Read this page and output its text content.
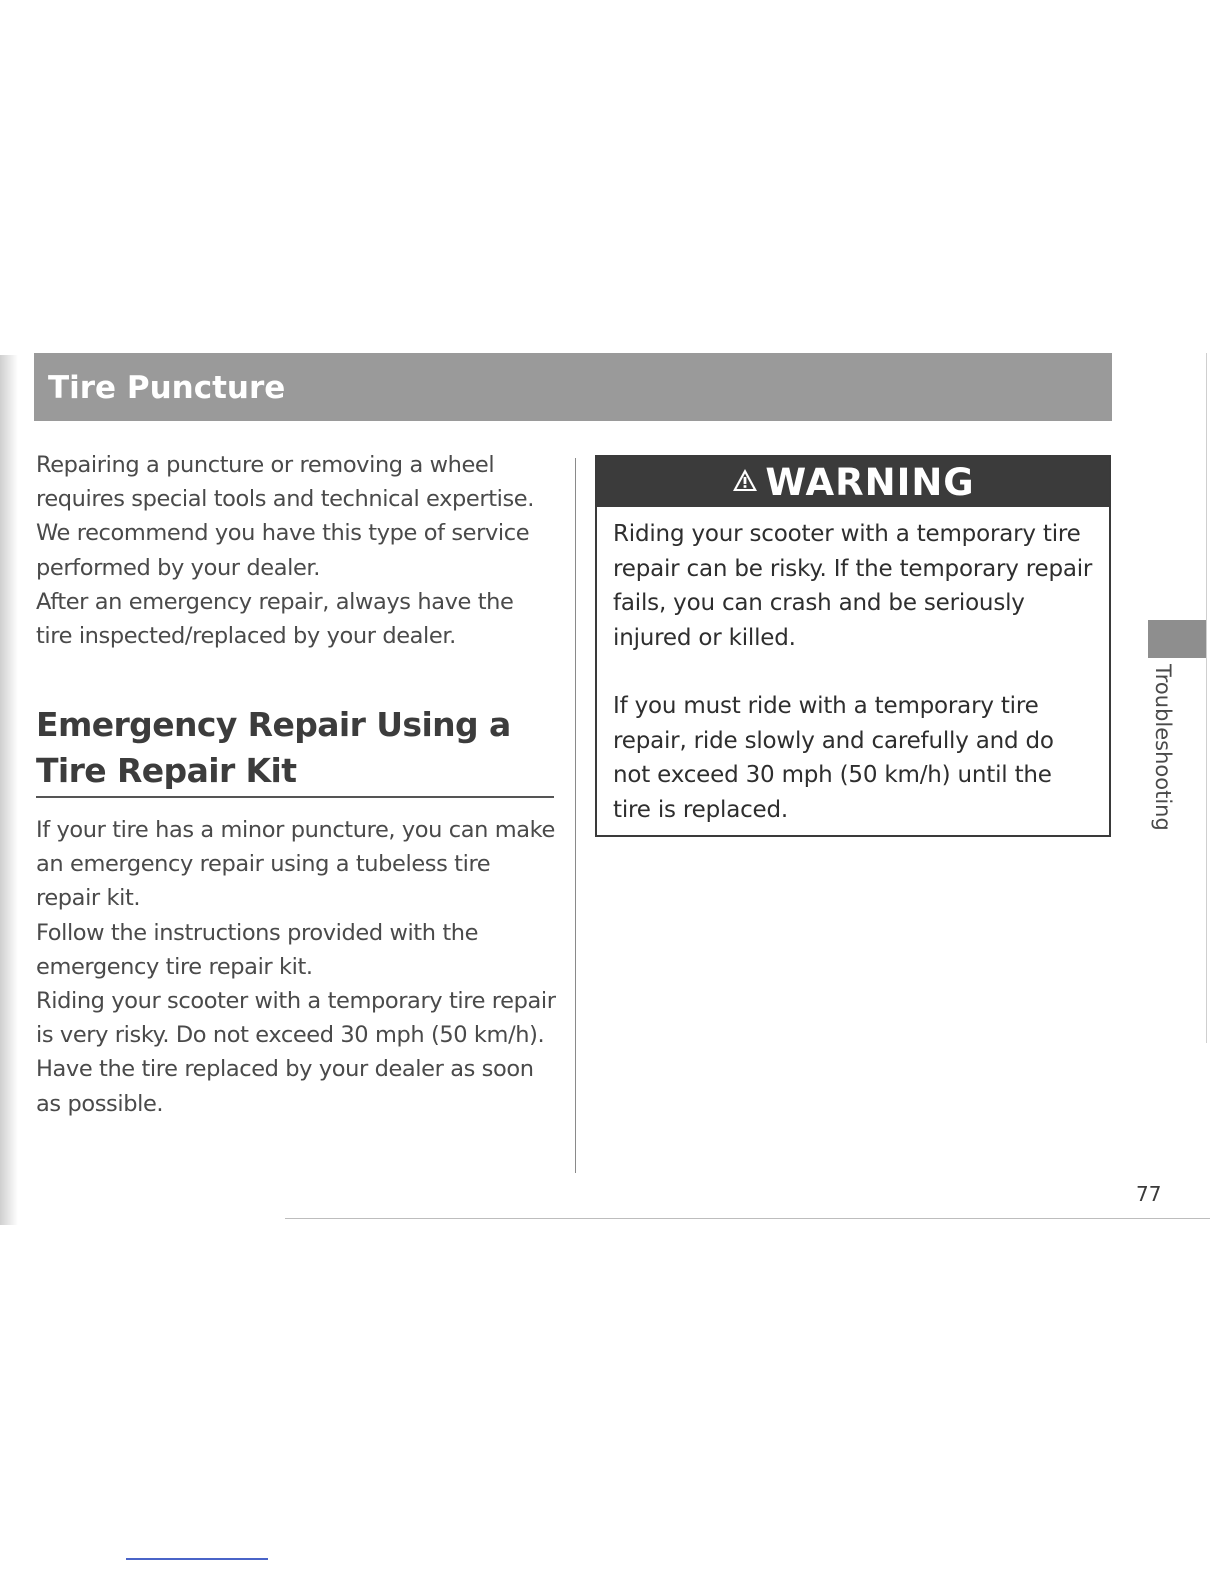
Tire Puncture

Repairing a puncture or removing a wheel requires special tools and technical expertise. We recommend you have this type of service performed by your dealer.

After an emergency repair, always have the tire inspected/replaced by your dealer.

Emergency Repair Using a Tire Repair Kit

If your tire has a minor puncture, you can make an emergency repair using a tubeless tire repair kit.

Follow the instructions provided with the emergency tire repair kit.

Riding your scooter with a temporary tire repair is very risky. Do not exceed 30 mph (50 km/h). Have the tire replaced by your dealer as soon as possible.

WARNING

Riding your scooter with a temporary tire repair can be risky. If the temporary repair fails, you can crash and be seriously injured or killed.

If you must ride with a temporary tire repair, ride slowly and carefully and do not exceed 30 mph (50 km/h) until the tire is replaced.	Troubleshooting
77
